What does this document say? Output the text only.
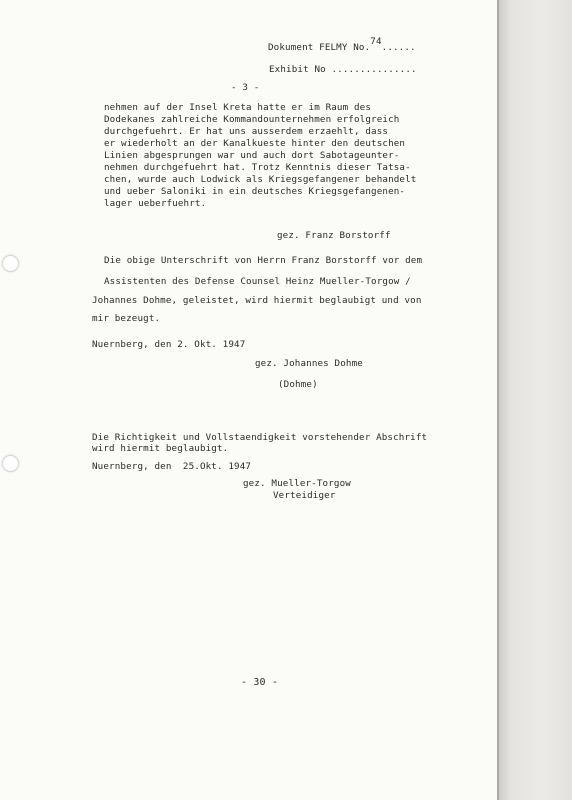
Dokument FELMY No.74......
Exhibit No ...............
- 3 -
nehmen auf der Insel Kreta hatte er im Raum des
Dodekanes zahlreiche Kommandounternehmen erfolgreich
durchgefuehrt. Er hat uns ausserdem erzaehlt, dass
er wiederholt an der Kanalkueste hinter den deutschen
Linien abgesprungen war und auch dort Sabotageunter-
nehmen durchgefuehrt hat. Trotz Kenntnis dieser Tatsa-
chen, wurde auch Lodwick als Kriegsgefangener behandelt
und ueber Saloniki in ein deutsches Kriegsgefangenen-
lager ueberfuehrt.
gez. Franz Borstorff
Die obige Unterschrift von Herrn Franz Borstorff vor dem
Assistenten des Defense Counsel Heinz Mueller-Torgow /
Johannes Dohme, geleistet, wird hiermit beglaubigt und von
mir bezeugt.
Nuernberg, den 2. Okt. 1947
gez. Johannes Dohme
(Dohme)
Die Richtigkeit und Vollstaendigkeit vorstehender Abschrift
wird hiermit beglaubigt.
Nuernberg, den  25.Okt. 1947
gez. Mueller-Torgow
Verteidiger
- 30 -
